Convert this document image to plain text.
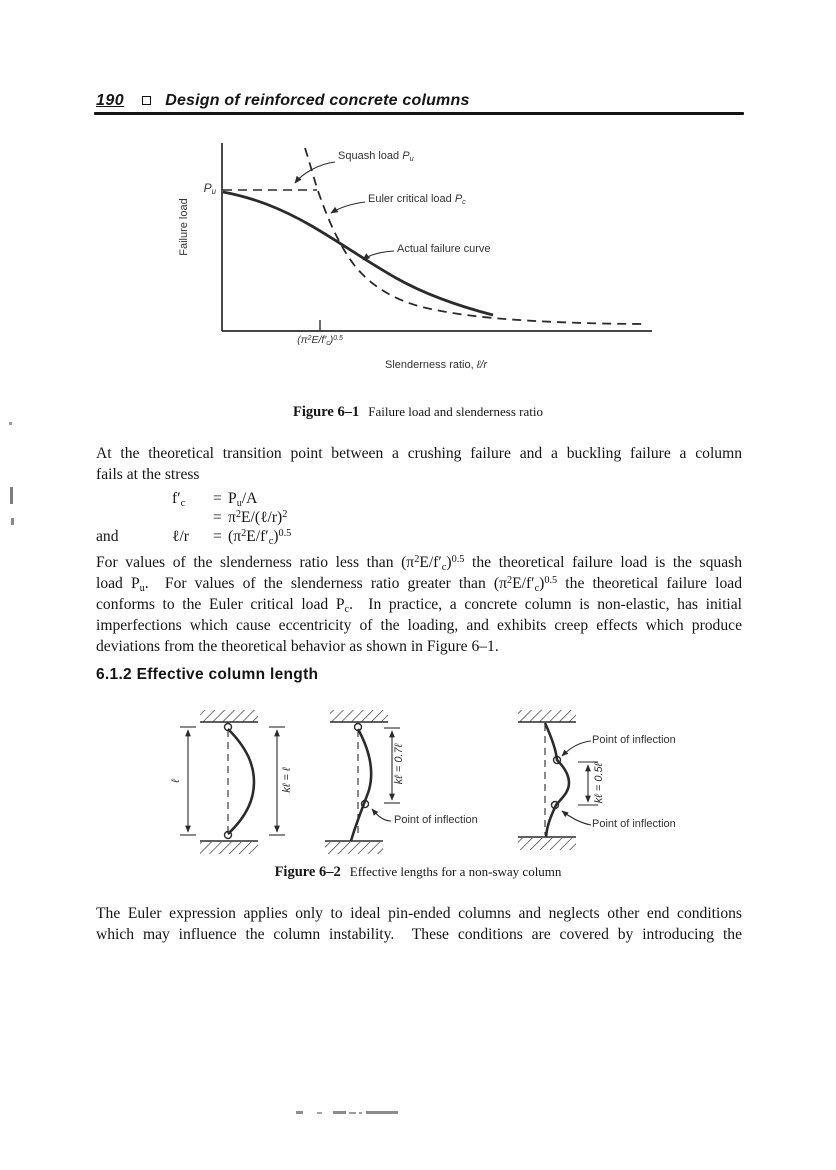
190	Design of reinforced concrete columns
Failure load
$P_u$
Squash load $P_u$
Euler critical load $P_c$
Actual failure curve
$(\pi^2E/f'_c)^{0.5}$
Slenderness ratio, ℓ/r
Figure 6–1 Failure load and slenderness ratio
At the theoretical transition point between a crushing failure and a buckling failure a column
fails at the stress
$f'_c = P_u/A$
= $\pi^2E/(\ell/r)^2$
and	ℓ/r = $(\pi^2E/f'_c)^{0.5}$
For values of the slenderness ratio less than $(\pi^2E/f'_c)^{0.5}$ the theoretical failure load is the squash
load $P_u$.  For values of the slenderness ratio greater than $(\pi^2E/f'_c)^{0.5}$ the theoretical failure load
conforms to the Euler critical load $P_c$.  In practice, a concrete column is non-elastic, has initial
imperfections which cause eccentricity of the loading, and exhibits creep effects which produce
deviations from the theoretical behavior as shown in Figure 6–1.
6.1.2 Effective column length
ℓ	kℓ = ℓ	kℓ = 0.7ℓ
Point of inflection
kℓ = 0.5ℓ
Point of inflection
Point of inflection
Figure 6–2 Effective lengths for a non-sway column
The Euler expression applies only to ideal pin-ended columns and neglects other end conditions
which may influence the column instability.  These conditions are covered by introducing the
